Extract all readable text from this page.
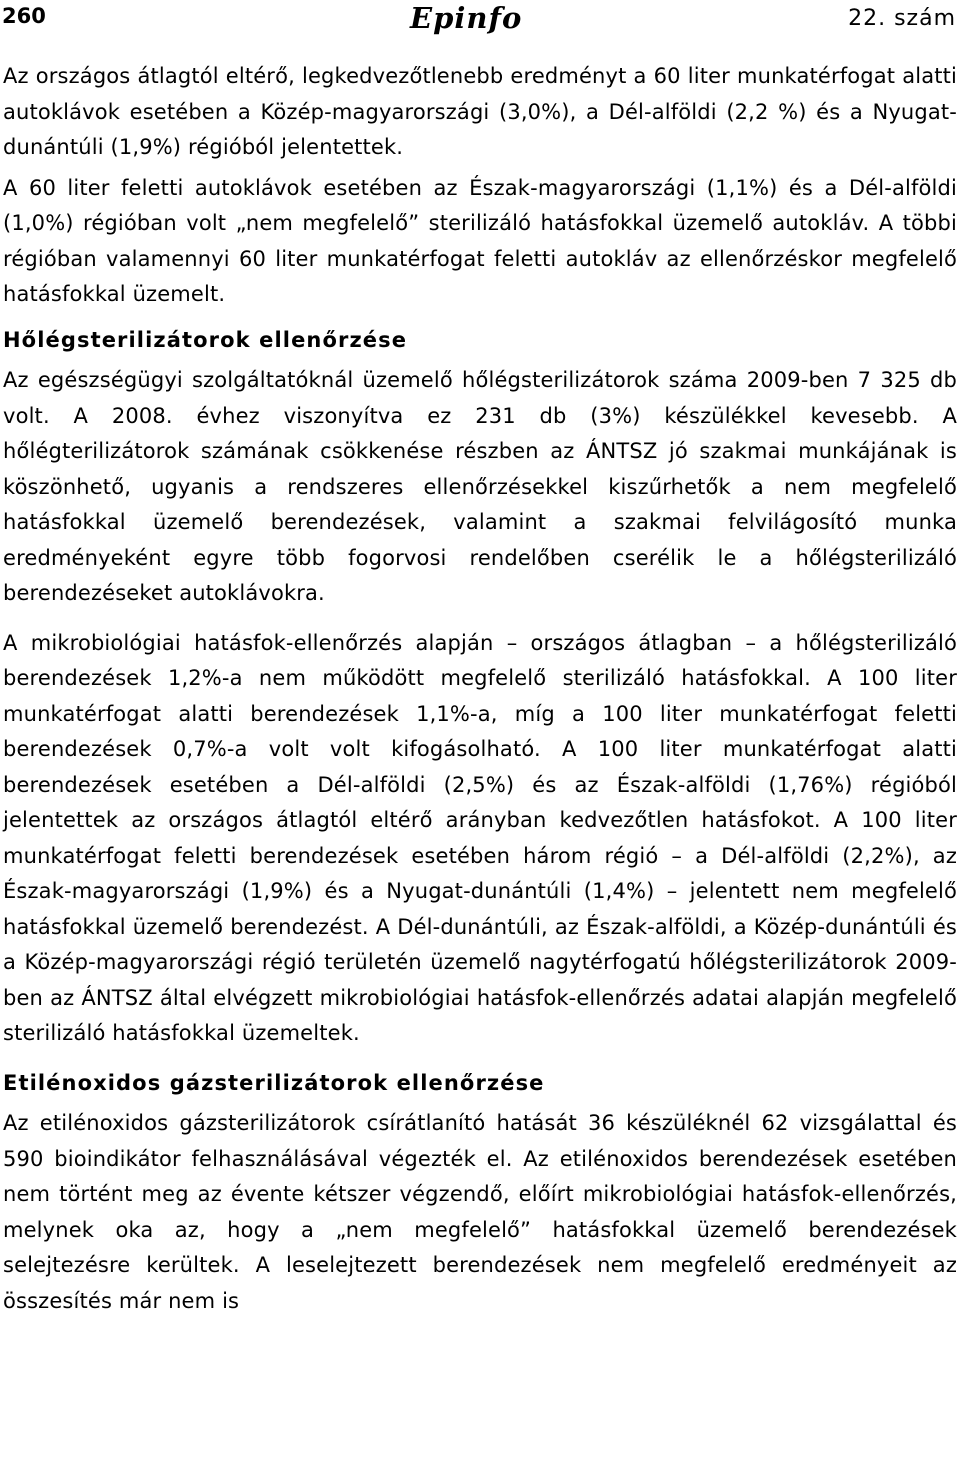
260	Epinfo	22. szám

Az országos átlagtól eltérő, legkedvezőtlenebb eredményt a 60 liter munkatérfogat alatti autoklávok esetében a Közép-magyarországi (3,0%), a Dél-alföldi (2,2 %) és a Nyugat-dunántúli (1,9%) régióból jelentettek.

A 60 liter feletti autoklávok esetében az Észak-magyarországi (1,1%) és a Dél-alföldi (1,0%) régióban volt „nem megfelelő” sterilizáló hatásfokkal üzemelő autokláv. A többi régióban valamennyi 60 liter munkatérfogat feletti autokláv az ellenőrzéskor megfelelő hatásfokkal üzemelt.

Hőlégsterilizátorok ellenőrzése

Az egészségügyi szolgáltatóknál üzemelő hőlégsterilizátorok száma 2009-ben 7 325 db volt. A 2008. évhez viszonyítva ez 231 db (3%) készülékkel kevesebb. A hőlégterilizátorok számának csökkenése részben az ÁNTSZ jó szakmai munkájának is köszönhető, ugyanis a rendszeres ellenőrzésekkel kiszűrhetők a nem megfelelő hatásfokkal üzemelő berendezések, valamint a szakmai felvilágosító munka eredményeként egyre több fogorvosi rendelőben cserélik le a hőlégsterilizáló berendezéseket autoklávokra.

A mikrobiológiai hatásfok-ellenőrzés alapján – országos átlagban – a hőlégsterilizáló berendezések 1,2%-a nem működött megfelelő sterilizáló hatásfokkal. A 100 liter munkatérfogat alatti berendezések 1,1%-a, míg a 100 liter munkatérfogat feletti berendezések 0,7%-a volt volt kifogásolható. A 100 liter munkatérfogat alatti berendezések esetében a Dél-alföldi (2,5%) és az Észak-alföldi (1,76%) régióból jelentettek az országos átlagtól eltérő arányban kedvezőtlen hatásfokot. A 100 liter munkatérfogat feletti berendezések esetében három régió – a Dél-alföldi (2,2%), az Észak-magyarországi (1,9%) és a Nyugat-dunántúli (1,4%) – jelentett nem megfelelő hatásfokkal üzemelő berendezést. A Dél-dunántúli, az Észak-alföldi, a Közép-dunántúli és a Közép-magyarországi régió területén üzemelő nagytérfogatú hőlégsterilizátorok 2009-ben az ÁNTSZ által elvégzett mikrobiológiai hatásfok-ellenőrzés adatai alapján megfelelő sterilizáló hatásfokkal üzemeltek.

Etilénoxidos gázsterilizátorok ellenőrzése

Az etilénoxidos gázsterilizátorok csírátlanító hatását 36 készüléknél 62 vizsgálattal és 590 bioindikátor felhasználásával végezték el. Az etilénoxidos berendezések esetében nem történt meg az évente kétszer végzendő, előírt mikrobiológiai hatásfok-ellenőrzés, melynek oka az, hogy a „nem megfelelő” hatásfokkal üzemelő berendezések selejtezésre kerültek. A leselejtezett berendezések nem megfelelő eredményeit az összesítés már nem is
